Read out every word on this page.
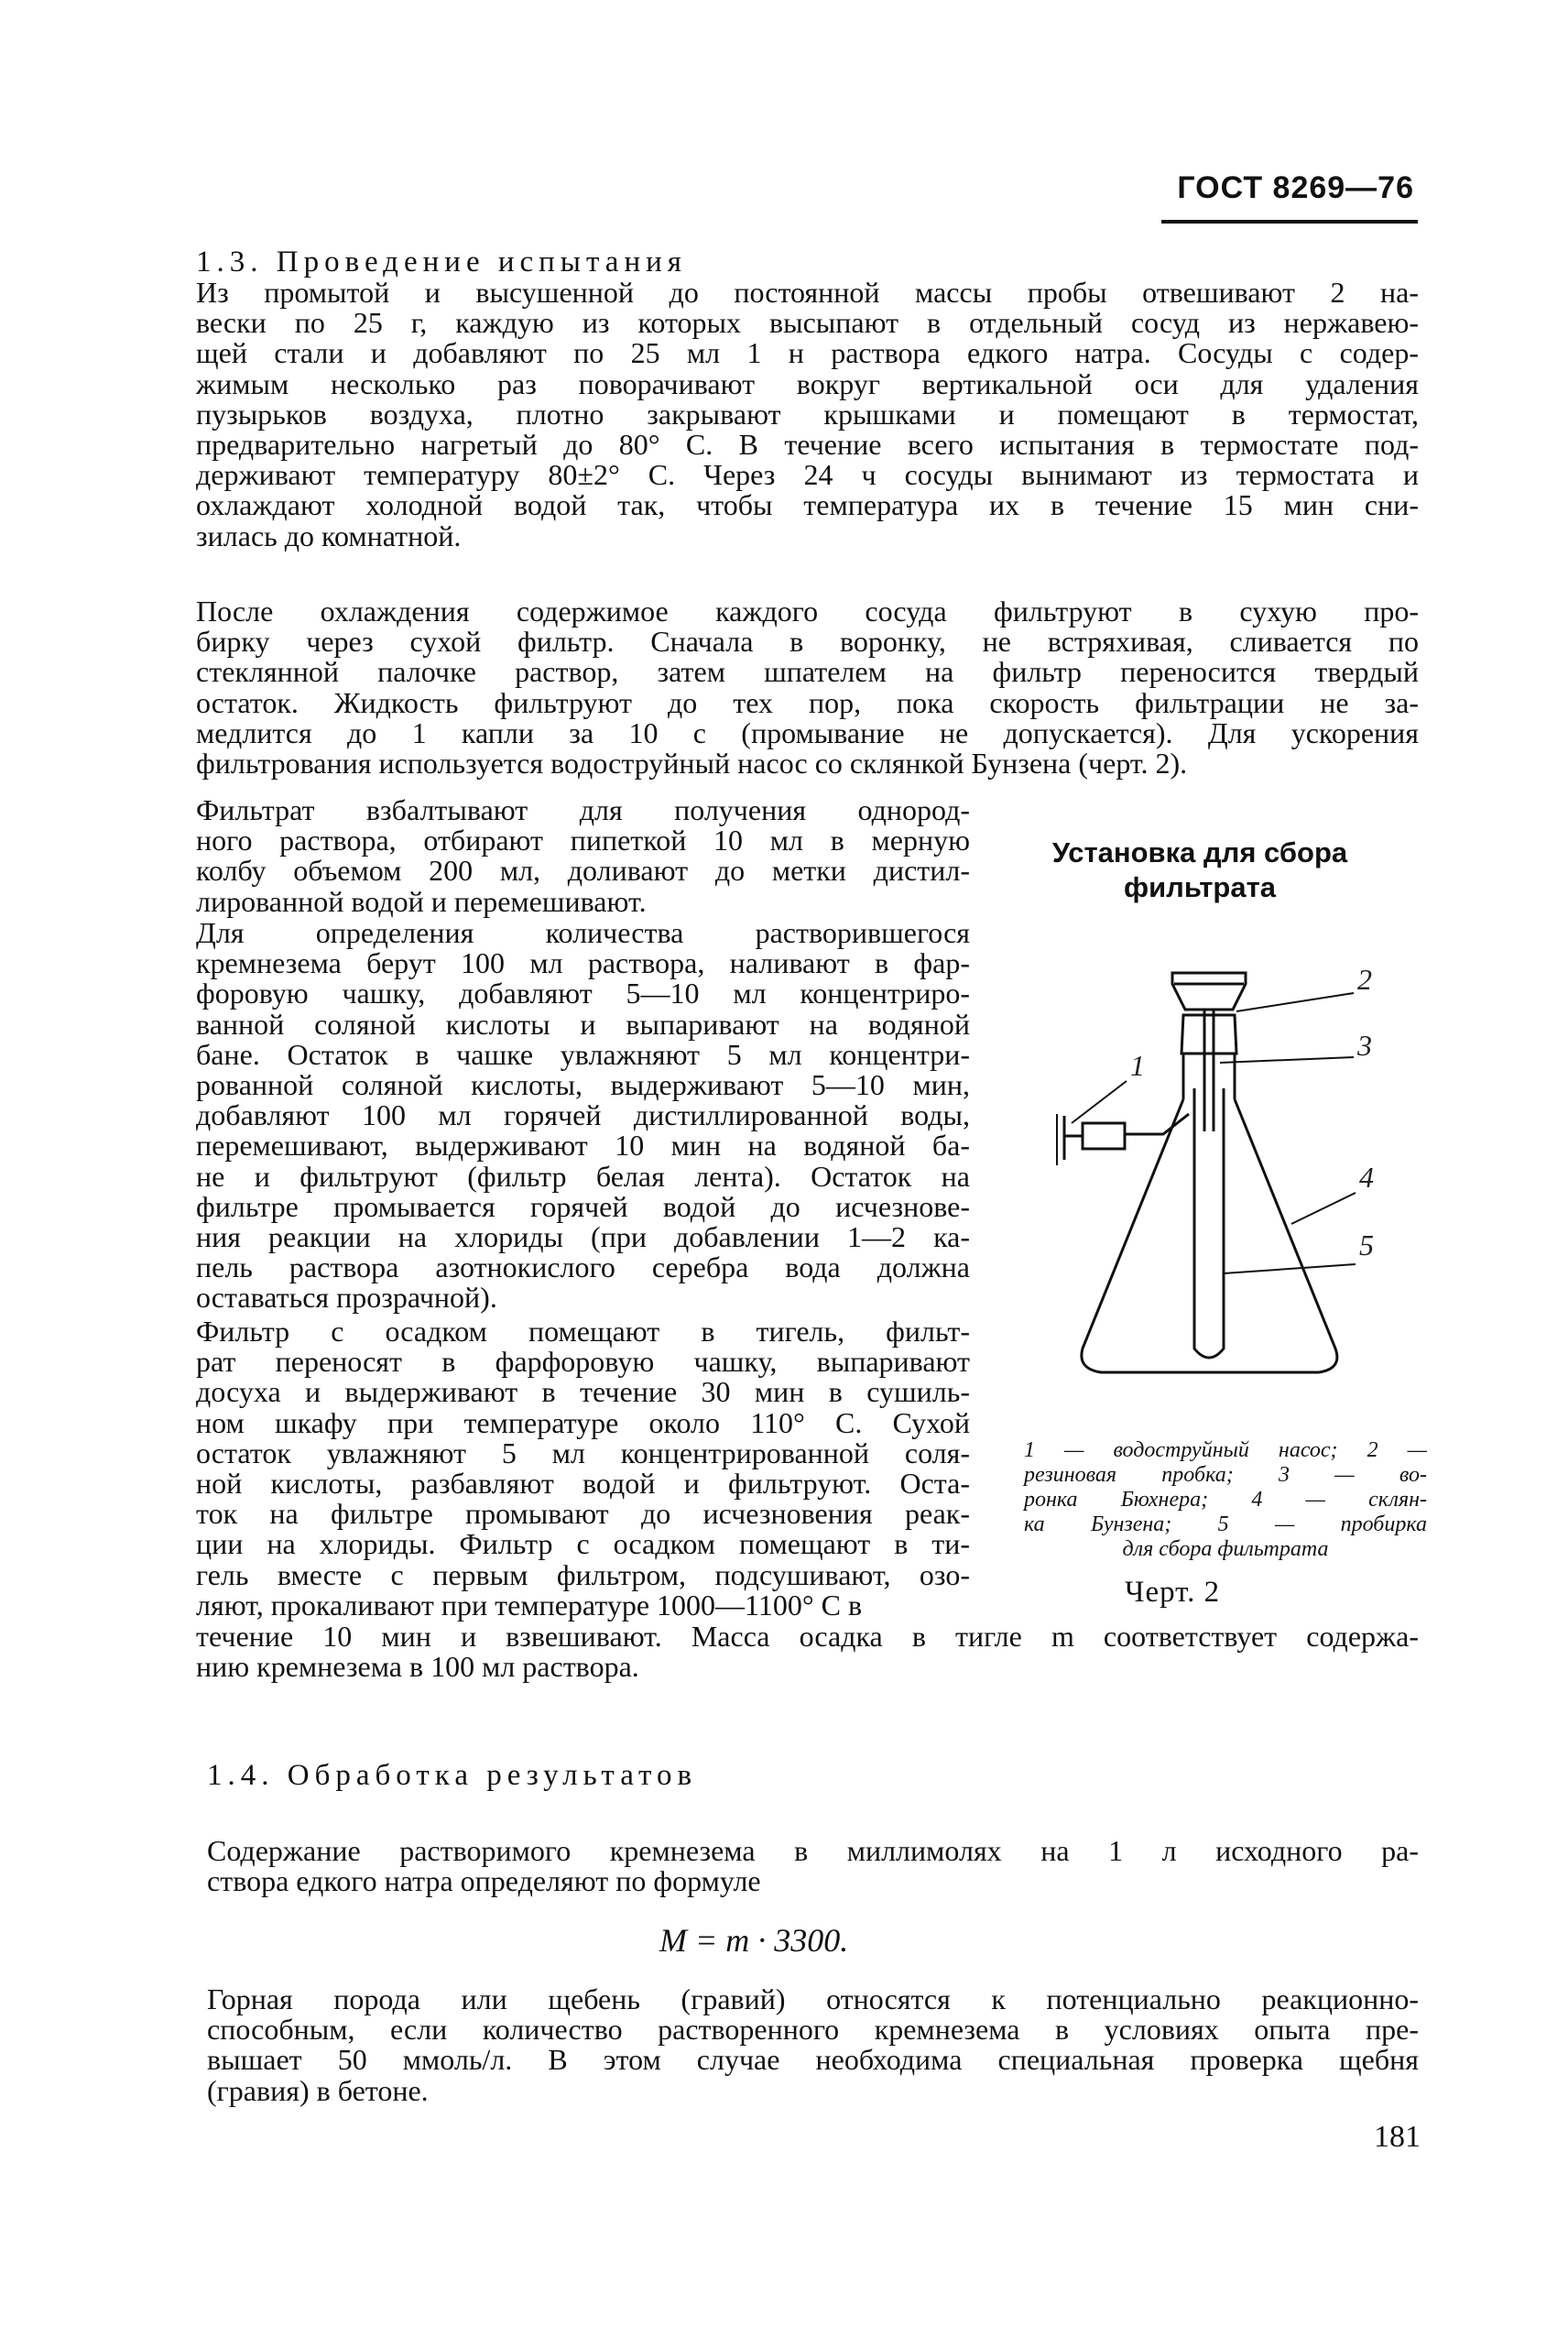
ГОСТ 8269—76
1.3. Проведение испытания
Из промытой и высушенной до постоянной массы пробы отвешивают 2 на-
вески по 25 г, каждую из которых высыпают в отдельный сосуд из нержавею-
щей стали и добавляют по 25 мл 1 н раствора едкого натра. Сосуды с содер-
жимым несколько раз поворачивают вокруг вертикальной оси для удаления
пузырьков воздуха, плотно закрывают крышками и помещают в термостат,
предварительно нагретый до 80° С. В течение всего испытания в термостате под-
держивают температуру 80±2° С. Через 24 ч сосуды вынимают из термостата и
охлаждают холодной водой так, чтобы температура их в течение 15 мин сни-
зилась до комнатной.
После охлаждения содержимое каждого сосуда фильтруют в сухую про-
бирку через сухой фильтр. Сначала в воронку, не встряхивая, сливается по
стеклянной палочке раствор, затем шпателем на фильтр переносится твердый
остаток. Жидкость фильтруют до тех пор, пока скорость фильтрации не за-
медлится до 1 капли за 10 с (промывание не допускается). Для ускорения
фильтрования используется водоструйный насос со склянкой Бунзена (черт. 2).
Фильтрат взбалтывают для получения однород-
ного раствора, отбирают пипеткой 10 мл в мерную
колбу объемом 200 мл, доливают до метки дистил-
лированной водой и перемешивают.
Для определения количества растворившегося
кремнезема берут 100 мл раствора, наливают в фар-
форовую чашку, добавляют 5—10 мл концентриро-
ванной соляной кислоты и выпаривают на водяной
бане. Остаток в чашке увлажняют 5 мл концентри-
рованной соляной кислоты, выдерживают 5—10 мин,
добавляют 100 мл горячей дистиллированной воды,
перемешивают, выдерживают 10 мин на водяной ба-
не и фильтруют (фильтр белая лента). Остаток на
фильтре промывается горячей водой до исчезнове-
ния реакции на хлориды (при добавлении 1—2 ка-
пель раствора азотнокислого серебра вода должна
оставаться прозрачной).
Фильтр с осадком помещают в тигель, фильт-
рат переносят в фарфоровую чашку, выпаривают
досуха и выдерживают в течение 30 мин в сушиль-
ном шкафу при температуре около 110° С. Сухой
остаток увлажняют 5 мл концентрированной соля-
ной кислоты, разбавляют водой и фильтруют. Оста-
ток на фильтре промывают до исчезновения реак-
ции на хлориды. Фильтр с осадком помещают в ти-
гель вместе с первым фильтром, подсушивают, озо-
ляют, прокаливают при температуре 1000—1100° С в
течение 10 мин и взвешивают. Масса осадка в тигле m соответствует содержа-
нию кремнезема в 100 мл раствора.
Установка для сбора фильтрата
1
2
3
4
5
1 — водоструйный насос; 2 —
резиновая пробка; 3 — во-
ронка Бюхнера; 4 — склян-
ка Бунзена; 5 — пробирка
для сбора фильтрата
Черт. 2
1.4. Обработка результатов
Содержание растворимого кремнезема в миллимолях на 1 л исходного ра-
створа едкого натра определяют по формуле
M = m · 3300.
Горная порода или щебень (гравий) относятся к потенциально реакционно-
способным, если количество растворенного кремнезема в условиях опыта пре-
вышает 50 ммоль/л. В этом случае необходима специальная проверка щебня
(гравия) в бетоне.
181
